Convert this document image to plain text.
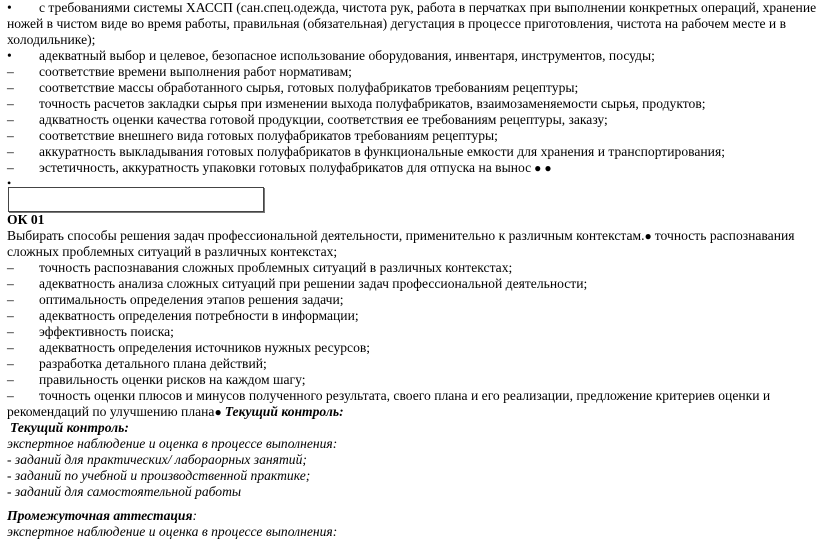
• с требованиями системы ХАССП (сан.спец.одежда, чистота рук, работа в перчатках при выполнении конкретных операций, хранение
ножей в чистом виде во время работы, правильная (обязательная) дегустация в процессе приготовления, чистота на рабочем месте и в
холодильнике);
• адекватный выбор и целевое, безопасное использование оборудования, инвентаря, инструментов, посуды;
– соответствие времени выполнения работ нормативам;
– соответствие массы обработанного сырья, готовых полуфабрикатов требованиям рецептуры;
– точность расчетов закладки сырья при изменении выхода полуфабрикатов, взаимозаменяемости сырья, продуктов;
– адкватность оценки качества готовой продукции, соответствия ее требованиям рецептуры, заказу;
– соответствие внешнего вида готовых полуфабрикатов требованиям рецептуры;
– аккуратность выкладывания готовых полуфабрикатов в функциональные емкости для хранения и транспортирования;
– эстетичность, аккуратность упаковки готовых полуфабрикатов для отпуска на вынос ● ●
•
ОК 01
Выбирать способы решения задач профессиональной деятельности, применительно к различным контекстам.● точность распознавания
сложных проблемных ситуаций в различных контекстах;
– точность распознавания сложных проблемных ситуаций в различных контекстах;
– адекватность анализа сложных ситуаций при решении задач профессиональной деятельности;
– оптимальность определения этапов решения задачи;
– адекватность определения потребности в информации;
– эффективность поиска;
– адекватность определения источников нужных ресурсов;
– разработка детального плана действий;
– правильность оценки рисков на каждом шагу;
– точность оценки плюсов и минусов полученного результата, своего плана и его реализации, предложение критериев оценки и
рекомендаций по улучшению плана● Текущий контроль:
Текущий контроль:
экспертное наблюдение и оценка в процессе выполнения:
- заданий для практических/ лабораорных занятий;
- заданий по учебной и производственной практике;
- заданий для самостоятельной работы
Промежуточная аттестация:
экспертное наблюдение и оценка в процессе выполнения:
